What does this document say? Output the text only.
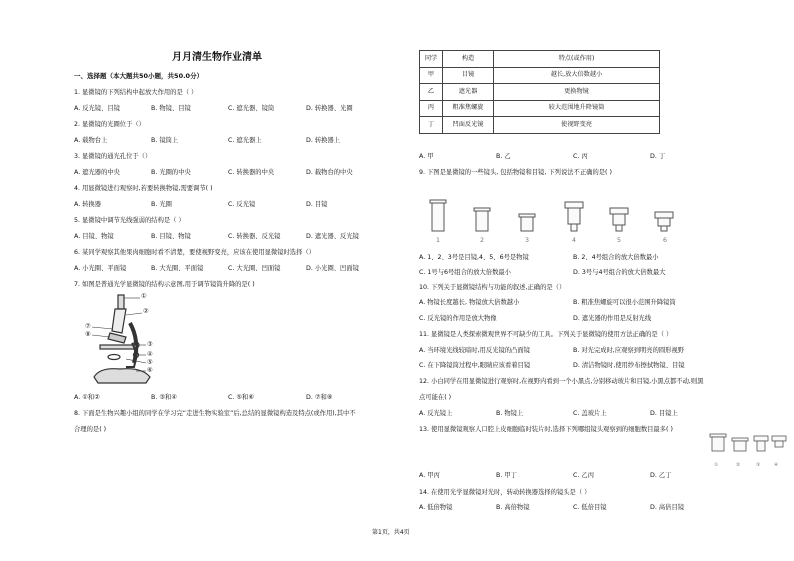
月月清生物作业清单
一、选择题（本大题共50小题，共50.0分）
1. 显微镜的下列结构中起放大作用的是（ ）
A. 反光镜、目镜	B. 物镜、目镜	C. 遮光器、镜筒	D. 转换器、光圈
2. 显微镜的光圈位于（）
A. 载物台上	B. 镜筒上	C. 遮光器上	D. 转换器上
3. 显微镜的通光孔位于（）
A. 遮光器的中央	B. 光圈的中央	C. 转换器的中央	D. 载物台的中央
4. 用显微镜进行观察时,若要转换物镜,需要调节( )
A. 转换器	B. 光圈	C. 反光镜	D. 目镜
5. 显微镜中调节光线强弱的结构是（ ）
A. 目镜、物镜	B. 目镜、物镜	C. 转换器、反光镜	D. 遮光器、反光镜
6. 某同学观察其他果肉细胞时看不清楚，要使视野变亮，应该在使用显微镜时选择（）
A. 小光圈、平面镜	B. 大光圈、平面镜	C. 大光圈、凹面镜	D. 小光圈、凹面镜
7. 如图是普通光学显微镜的结构示意图,用于调节镜筒升降的是( )
①
②
⑦
⑧
③
④
⑤
⑥
A. ①和②	B. ③和④	C. ⑤和⑥	D. ⑦和⑧
8. 下面是生物兴趣小组的同学在学习完“走进生物实验室”后,总结的显微镜构造及特点(或作用),其中不
合理的是( )
同学	构造	特点(或作用)
甲	目镜	越长,放大倍数越小
乙	遮光器	更换物镜
丙	粗准焦螺旋	较大范围地升降镜筒
丁	凹面反光镜	使视野变亮
A. 甲	B. 乙	C. 丙	D. 丁
9. 下图是显微镜的一些镜头, 包括物镜和目镜, 下列说法不正确的是( )
1	2	3	4	5	6
A. 1、2、3号是目镜,4、5、6号是物镜	B. 2、4号组合的放大倍数最小
C. 1号与6号组合的放大倍数最小	D. 3号与4号组合的放大倍数最大
10. 下列关于显微镜结构与功能的叙述,正确的是（）
A. 物镜长度越长, 物镜放大倍数越小	B. 粗准焦螺旋可以很小范围升降镜筒
C. 反光镜的作用是放大物像	D. 遮光器的作用是反射光线
11. 显微镜是人类探索微观世界不可缺少的工具。下列关于显微镜的使用方法正确的是（ ）
A. 当环境光线较暗时,用反光镜的凸面镜	B. 对光完成时,应观察到明亮的圆形视野
C. 在下降镜筒过程中,眼睛应该看着目镜	D. 清洁物镜时,使用纱布擦拭物镜、目镜
12. 小白同学在用显微镜进行观察时,在视野内看到一个小黑点,分别移动玻片和目镜,小黑点都不动,则黑
点可能在( )
A. 反光镜上	B. 物镜上	C. 盖玻片上	D. 目镜上
13. 使用显微镜观察人口腔上皮细胞临时装片时,选择下列哪组镜头观察到的细胞数目最多( )
①	②	③	④
A. 甲丙	B. 甲丁	C. 乙丙	D. 乙丁
14. 在使用光学显微镜对光时，转动转换器选择的镜头是（ ）
A. 低倍物镜	B. 高倍物镜	C. 低倍目镜	D. 高倍目镜
第1页，共4页
